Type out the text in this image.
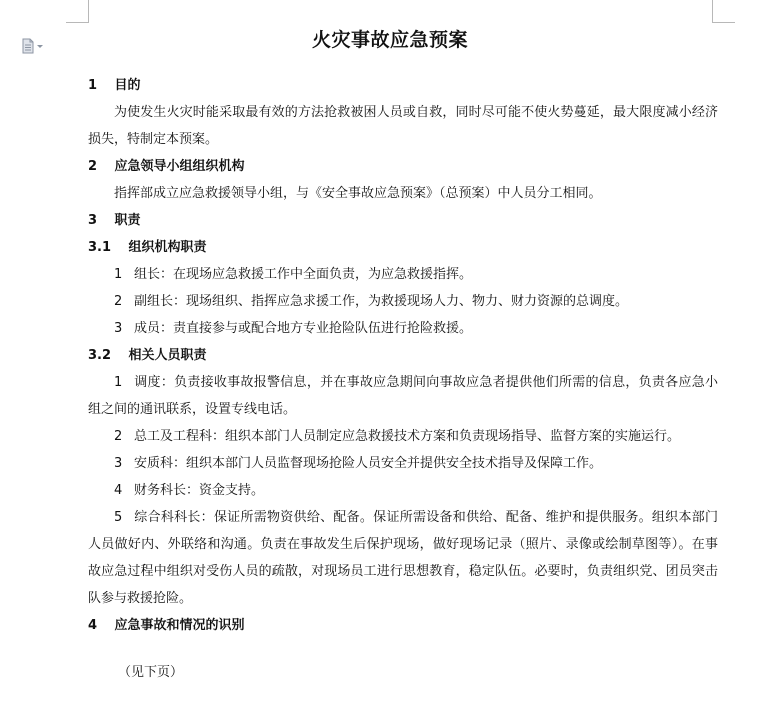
火灾事故应急预案

1 目的

为使发生火灾时能采取最有效的方法抢救被困人员或自救，同时尽可能不使火势蔓延，最大限度减小经济损失，特制定本预案。

2 应急领导小组组织机构

指挥部成立应急救援领导小组，与《安全事故应急预案》（总预案）中人员分工相同。

3 职责

3.1 组织机构职责

1 组长：在现场应急救援工作中全面负责，为应急救援指挥。

2 副组长：现场组织、指挥应急求援工作，为救援现场人力、物力、财力资源的总调度。

3 成员：责直接参与或配合地方专业抢险队伍进行抢险救援。

3.2 相关人员职责

1 调度：负责接收事故报警信息，并在事故应急期间向事故应急者提供他们所需的信息，负责各应急小组之间的通讯联系，设置专线电话。

2 总工及工程科：组织本部门人员制定应急救援技术方案和负责现场指导、监督方案的实施运行。

3 安质科：组织本部门人员监督现场抢险人员安全并提供安全技术指导及保障工作。

4 财务科长：资金支持。

5 综合科科长：保证所需物资供给、配备。保证所需设备和供给、配备、维护和提供服务。组织本部门人员做好内、外联络和沟通。负责在事故发生后保护现场，做好现场记录（照片、录像或绘制草图等）。在事故应急过程中组织对受伤人员的疏散，对现场员工进行思想教育，稳定队伍。必要时，负责组织党、团员突击队参与救援抢险。

4 应急事故和情况的识别

（见下页）
